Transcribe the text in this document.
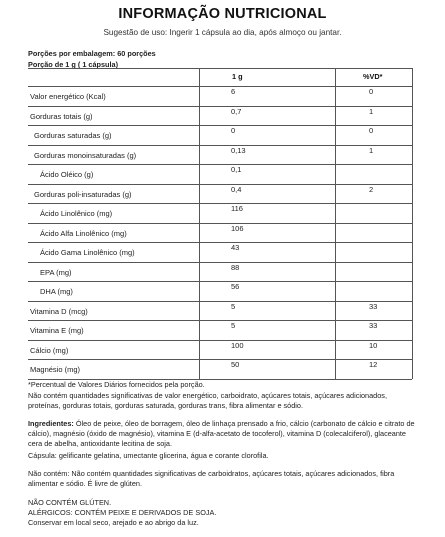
INFORMAÇÃO NUTRICIONAL
Sugestão de uso: Ingerir 1 cápsula ao dia, após almoço ou jantar.
Porções por embalagem: 60 porções
Porção de 1 g ( 1 cápsula)
1 g	%VD*
Valor energético (Kcal)
6	0
Gorduras totais (g)
0,7	1
Gorduras saturadas (g)
0	0
Gorduras monoinsaturadas (g)
0,13	1
Ácido Oléico (g)
0,1
Gorduras poli-insaturadas (g)
0,4	2
Ácido Linolênico (mg)
116
Ácido Alfa Linolênico (mg)
106
Ácido Gama Linolênico (mg)
43
EPA (mg)
88
DHA (mg)
56
Vitamina D (mcg)
5	33
Vitamina E (mg)
5	33
Cálcio (mg)
100	10
Magnésio (mg)
50	12
*Percentual de Valores Diários fornecidos pela porção.
Não contém quantidades significativas de valor energético, carboidrato, açúcares totais, açúcares adicionados, proteínas, gorduras totais, gorduras saturada, gorduras trans, fibra alimentar e sódio.
Ingredientes: Óleo de peixe, óleo de borragem, óleo de linhaça prensado a frio, cálcio (carbonato de cálcio e citrato de cálcio), magnésio (óxido de magnésio), vitamina E (d-alfa-acetato de tocoferol), vitamina D (colecalciferol), glaceante cera de abelha, antioxidante lecitina de soja.
Cápsula: gelificante gelatina, umectante glicerina, água e corante clorofila.
Não contém: Não contém quantidades significativas de carboidratos, açúcares totais, açúcares adicionados, fibra alimentar e sódio. É livre de glúten.
NÃO CONTÉM GLÚTEN.
ALÉRGICOS: CONTÉM PEIXE E DERIVADOS DE SOJA.
Conservar em local seco, arejado e ao abrigo da luz.
